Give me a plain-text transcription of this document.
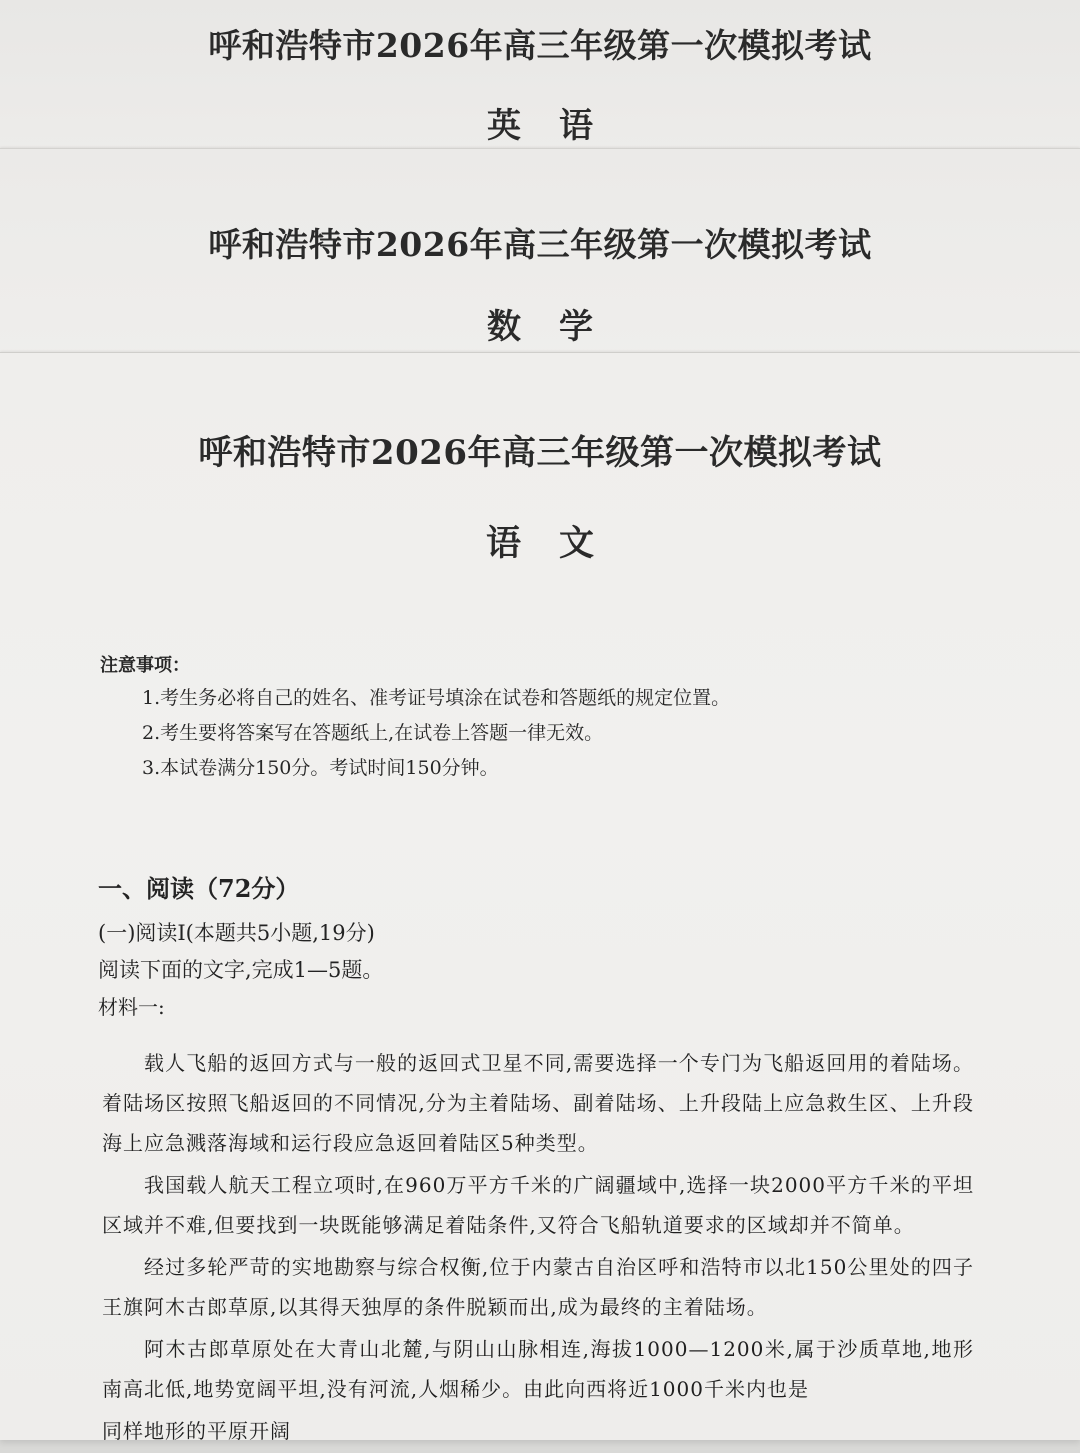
呼和浩特市2026年高三年级第一次模拟考试
英语
呼和浩特市2026年高三年级第一次模拟考试
数学
呼和浩特市2026年高三年级第一次模拟考试
语文
注意事项：
1.考生务必将自己的姓名、准考证号填涂在试卷和答题纸的规定位置。
2.考生要将答案写在答题纸上,在试卷上答题一律无效。
3.本试卷满分150分。考试时间150分钟。
一、阅读（72分）
(一)阅读Ⅰ(本题共5小题,19分)
阅读下面的文字,完成1—5题。
材料一:

载人飞船的返回方式与一般的返回式卫星不同,需要选择一个专门为飞船返回用的着陆场。着陆场区按照飞船返回的不同情况,分为主着陆场、副着陆场、上升段陆上应急救生区、上升段海上应急溅落海域和运行段应急返回着陆区5种类型。

我国载人航天工程立项时,在960万平方千米的广阔疆域中,选择一块2000平方千米的平坦区域并不难,但要找到一块既能够满足着陆条件,又符合飞船轨道要求的区域却并不简单。

经过多轮严苛的实地勘察与综合权衡,位于内蒙古自治区呼和浩特市以北150公里处的四子王旗阿木古郎草原,以其得天独厚的条件脱颖而出,成为最终的主着陆场。

阿木古郎草原处在大青山北麓,与阴山山脉相连,海拔1000—1200米,属于沙质草地,地形南高北低,地势宽阔平坦,没有河流,人烟稀少。由此向西将近1000千米内也是

同样地形的平原开阔
